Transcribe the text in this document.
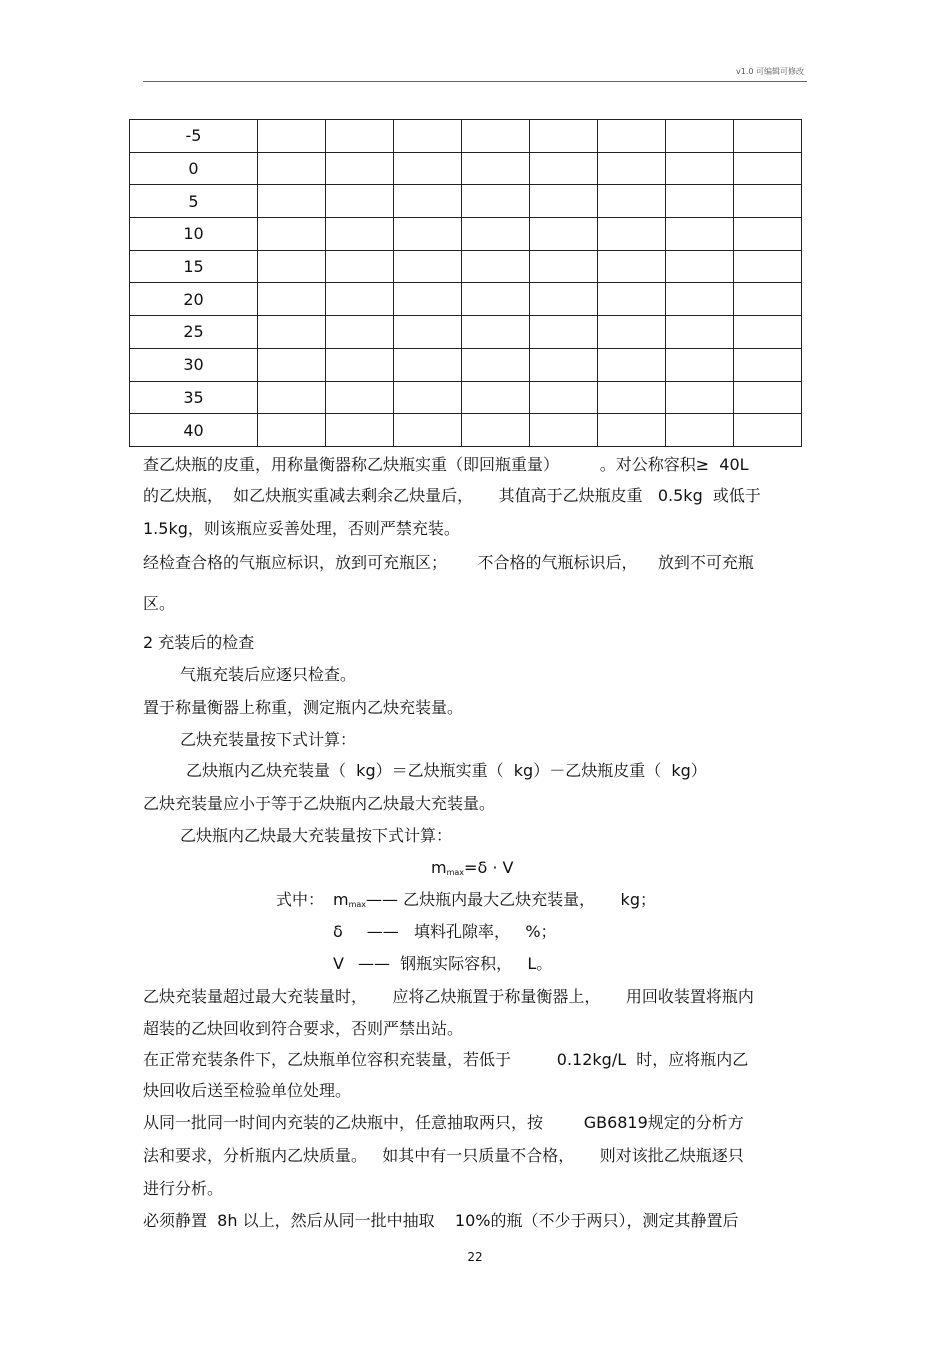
v1.0 可编辑可修改
-5								
0								
5								
10								
15								
20								
25								
30								
35								
40								
查乙炔瓶的皮重，用称量衡器称乙炔瓶实重（即回瓶重量）        。对公称容积≥  40L
的乙炔瓶，  如乙炔瓶实重减去剩余乙炔量后，     其值高于乙炔瓶皮重   0.5kg  或低于
1.5kg，则该瓶应妥善处理，否则严禁充装。
经检查合格的气瓶应标识，放到可充瓶区；      不合格的气瓶标识后，    放到不可充瓶
区。
2 充装后的检查
气瓶充装后应逐只检查。
置于称量衡器上称重，测定瓶内乙炔充装量。
乙炔充装量按下式计算：
乙炔瓶内乙炔充装量（  kg）＝乙炔瓶实重（  kg）－乙炔瓶皮重（  kg）
乙炔充装量应小于等于乙炔瓶内乙炔最大充装量。
乙炔瓶内乙炔最大充装量按下式计算：
mmax=δ · V
式中： mmax—— 乙炔瓶内最大乙炔充装量，     kg；
δ ——   填料孔隙率，   %；
V ——  钢瓶实际容积，   L。
乙炔充装量超过最大充装量时，     应将乙炔瓶置于称量衡器上，     用回收装置将瓶内
超装的乙炔回收到符合要求，否则严禁出站。
在正常充装条件下，乙炔瓶单位容积充装量，若低于         0.12kg/L  时，应将瓶内乙
炔回收后送至检验单位处理。
从同一批同一时间内充装的乙炔瓶中，任意抽取两只，按        GB6819规定的分析方
法和要求，分析瓶内乙炔质量。   如其中有一只质量不合格，     则对该批乙炔瓶逐只
进行分析。
必须静置  8h 以上，然后从同一批中抽取    10%的瓶（不少于两只），测定其静置后
22
